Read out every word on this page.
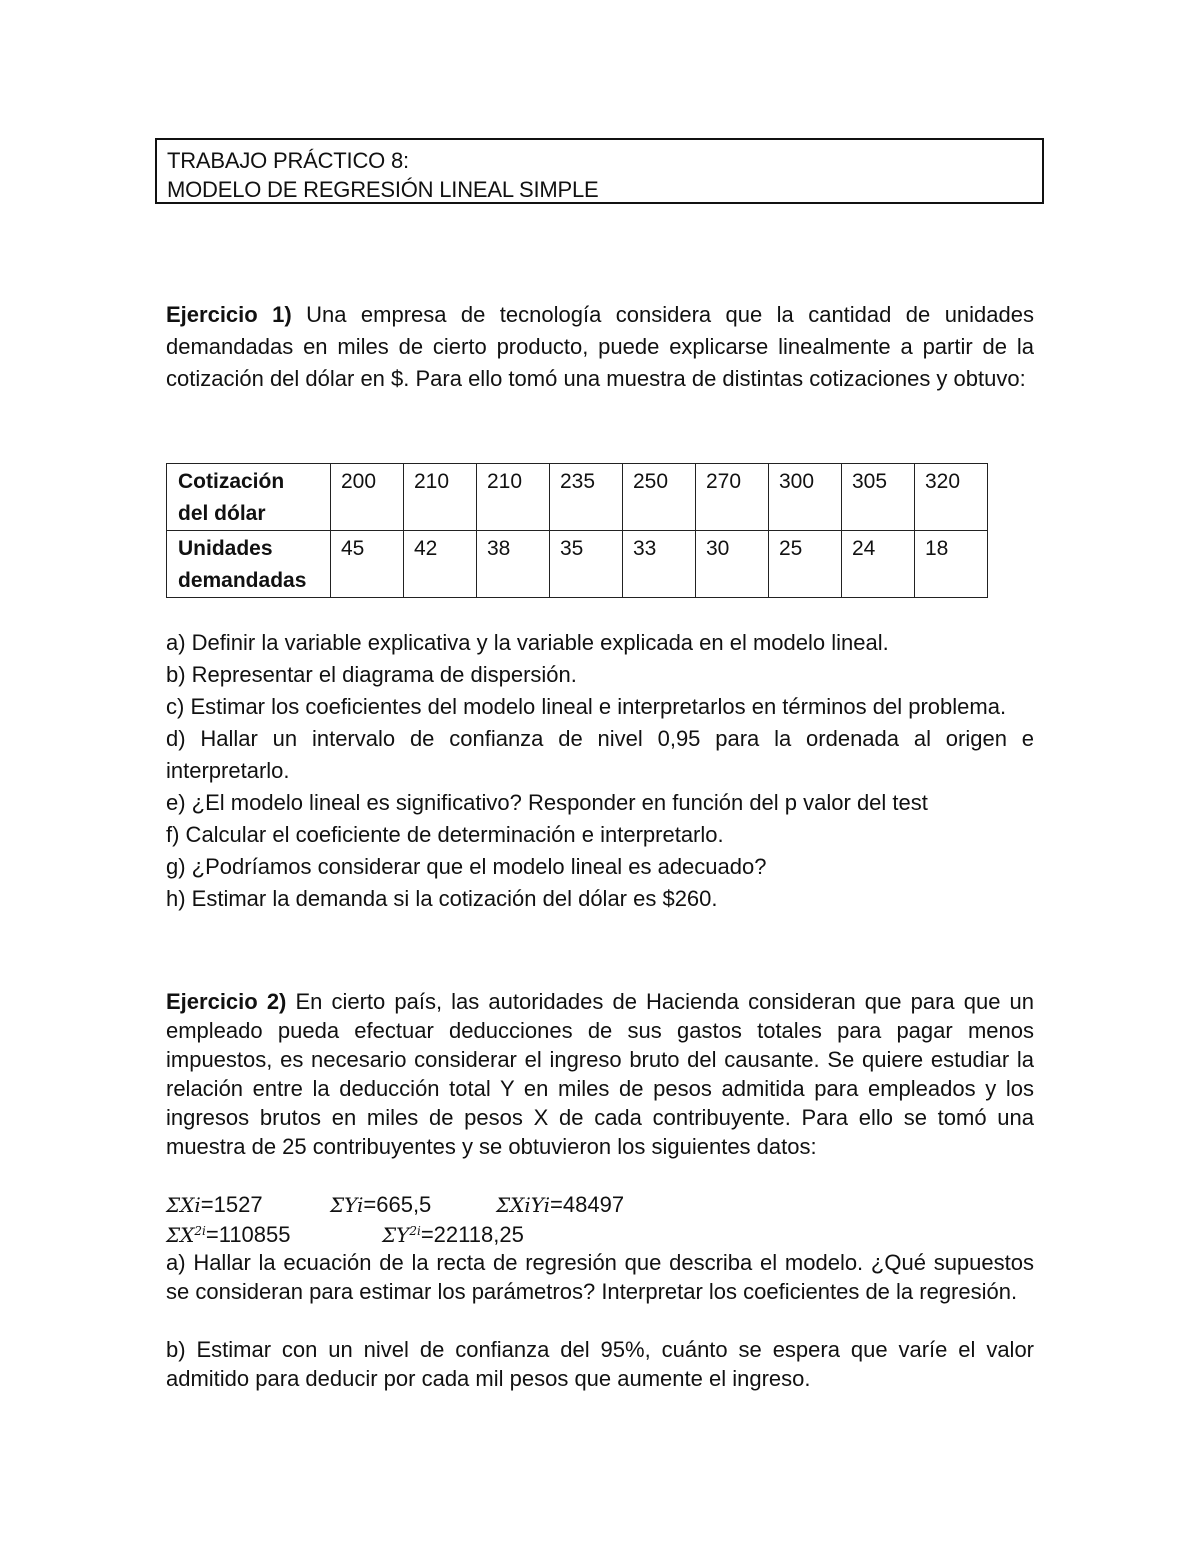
TRABAJO PRÁCTICO 8:
MODELO DE REGRESIÓN LINEAL SIMPLE

Ejercicio 1) Una empresa de tecnología considera que la cantidad de unidades demandadas en miles de cierto producto, puede explicarse linealmente a partir de la cotización del dólar en $. Para ello tomó una muestra de distintas cotizaciones y obtuvo:

Cotización del dólar	200	210	210	235	250	270	300	305	320
Unidades demandadas	45	42	38	35	33	30	25	24	18
a) Definir la variable explicativa y la variable explicada en el modelo lineal.
b) Representar el diagrama de dispersión.
c) Estimar los coeficientes del modelo lineal e interpretarlos en términos del problema.
d) Hallar un intervalo de confianza de nivel 0,95 para la ordenada al origen e interpretarlo.
e) ¿El modelo lineal es significativo? Responder en función del p valor del test
f) Calcular el coeficiente de determinación e interpretarlo.
g) ¿Podríamos considerar que el modelo lineal es adecuado?
h) Estimar la demanda si la cotización del dólar es $260.

Ejercicio 2) En cierto país, las autoridades de Hacienda consideran que para que un empleado pueda efectuar deducciones de sus gastos totales para pagar menos impuestos, es necesario considerar el ingreso bruto del causante. Se quiere estudiar la relación entre la deducción total Y en miles de pesos admitida para empleados y los ingresos brutos en miles de pesos X de cada contribuyente. Para ello se tomó una muestra de 25 contribuyentes y se obtuvieron los siguientes datos:

ΣXi=1527	ΣYi=665,5	ΣXiYi=48497
$\Sigma X^{2i}=110855$	$\Sigma Y^{2i}=22118,25$

a) Hallar la ecuación de la recta de regresión que describa el modelo. ¿Qué supuestos se consideran para estimar los parámetros? Interpretar los coeficientes de la regresión.

b) Estimar con un nivel de confianza del 95%, cuánto se espera que varíe el valor admitido para deducir por cada mil pesos que aumente el ingreso.
